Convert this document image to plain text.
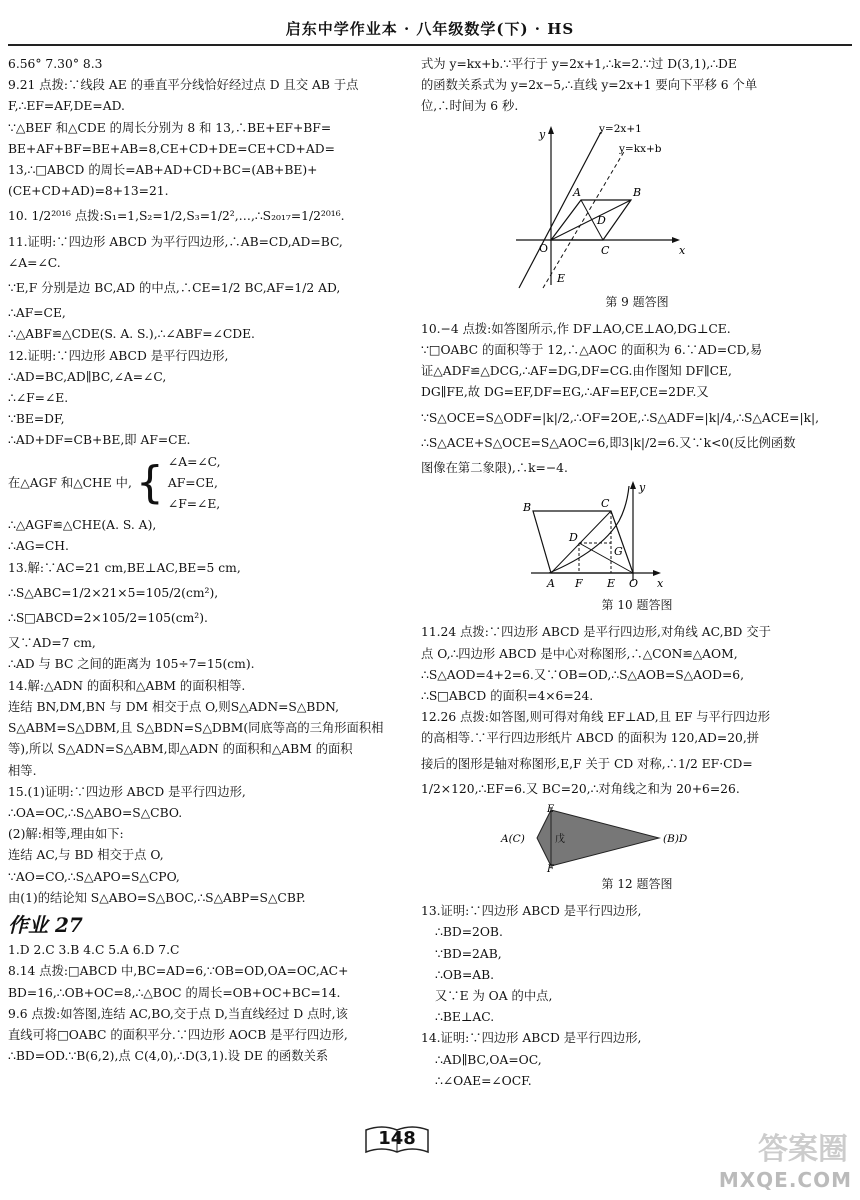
启东中学作业本 · 八年级数学(下) · HS

6.56° 7.30° 8.3

9.21 点拨:∵线段 AE 的垂直平分线恰好经过点 D 且交 AB 于点

F,∴EF=AF,DE=AD.

∵△BEF 和△CDE 的周长分别为 8 和 13,∴BE+EF+BF=

BE+AF+BF=BE+AB=8,CE+CD+DE=CE+CD+AD=

13,∴□ABCD 的周长=AB+AD+CD+BC=(AB+BE)+

(CE+CD+AD)=8+13=21.

10. 1/2²⁰¹⁶ 点拨:S₁=1,S₂=1/2,S₃=1/2²,…,∴S₂₀₁₇=1/2²⁰¹⁶.

11.证明:∵四边形 ABCD 为平行四边形,∴AB=CD,AD=BC,

∠A=∠C.

∵E,F 分别是边 BC,AD 的中点,∴CE=1/2 BC,AF=1/2 AD,

∴AF=CE,

∴△ABF≌△CDE(S. A. S.),∴∠ABF=∠CDE.

12.证明:∵四边形 ABCD 是平行四边形,

∴AD=BC,AD∥BC,∠A=∠C,

∴∠F=∠E.

∵BE=DF,

∴AD+DF=CB+BE,即 AF=CE.

在△AGF 和△CHE 中, { ∠A=∠C,

AF=CE,

∠F=∠E,

∴△AGF≌△CHE(A. S. A),

∴AG=CH.

13.解:∵AC=21 cm,BE⊥AC,BE=5 cm,

∴S△ABC=1/2×21×5=105/2(cm²),

∴S□ABCD=2×105/2=105(cm²).

又∵AD=7 cm,

∴AD 与 BC 之间的距离为 105÷7=15(cm).

14.解:△ADN 的面积和△ABM 的面积相等.

连结 BN,DM,BN 与 DM 相交于点 O,则S△ADN=S△BDN,

S△ABM=S△DBM,且 S△BDN=S△DBM(同底等高的三角形面积相

等),所以 S△ADN=S△ABM,即△ADN 的面积和△ABM 的面积

相等.

15.(1)证明:∵四边形 ABCD 是平行四边形,

∴OA=OC,∴S△ABO=S△CBO.

(2)解:相等,理由如下:

连结 AC,与 BD 相交于点 O,

∵AO=CO,∴S△APO=S△CPO,

由(1)的结论知 S△ABO=S△BOC,∴S△ABP=S△CBP.

作业 27

1.D 2.C 3.B 4.C 5.A 6.D 7.C

8.14 点拨:□ABCD 中,BC=AD=6,∵OB=OD,OA=OC,AC+

BD=16,∴OB+OC=8,∴△BOC 的周长=OB+OC+BC=14.

9.6 点拨:如答图,连结 AC,BO,交于点 D,当直线经过 D 点时,该

直线可将□OABC 的面积平分.∵四边形 AOCB 是平行四边形,

∴BD=OD.∵B(6,2),点 C(4,0),∴D(3,1).设 DE 的函数关系

式为 y=kx+b.∵平行于 y=2x+1,∴k=2.∵过 D(3,1),∴DE

的函数关系式为 y=2x−5,∴直线 y=2x+1 要向下平移 6 个单

位,∴时间为 6 秒.

y
x
O
A	B
C
D
E
y=2x+1
y=kx+b

第 9 题答图

10.−4 点拨:如答图所示,作 DF⊥AO,CE⊥AO,DG⊥CE.

∵□OABC 的面积等于 12,∴△AOC 的面积为 6.∵AD=CD,易

证△ADF≌△DCG,∴AF=DG,DF=CG.由作图知 DF∥CE,

DG∥FE,故 DG=EF,DF=EG,∴AF=EF,CE=2DF.又

∵S△OCE=S△ODF=|k|/2,∴OF=2OE,∴S△ADF=|k|/4,∴S△ACE=|k|,

∴S△ACE+S△OCE=S△AOC=6,即3|k|/2=6.又∵k<0(反比例函数

图像在第二象限),∴k=−4.

y
x
O
A
B	C
D
E
F
G

第 10 题答图

11.24 点拨:∵四边形 ABCD 是平行四边形,对角线 AC,BD 交于

点 O,∴四边形 ABCD 是中心对称图形,∴△CON≌△AOM,

∴S△AOD=4+2=6.又∵OB=OD,∴S△AOB=S△AOD=6,

∴S□ABCD 的面积=4×6=24.

12.26 点拨:如答图,则可得对角线 EF⊥AD,且 EF 与平行四边形

的高相等.∵平行四边形纸片 ABCD 的面积为 120,AD=20,拼

接后的图形是轴对称图形,E,F 关于 CD 对称,∴1/2 EF·CD=

1/2×120,∴EF=6.又 BC=20,∴对角线之和为 20+6=26.

E
F
A(C)	(B)D
戊

第 12 题答图

13.证明:∵四边形 ABCD 是平行四边形,

∴BD=2OB.

∵BD=2AB,

∴OB=AB.

又∵E 为 OA 的中点,

∴BE⊥AC.

14.证明:∵四边形 ABCD 是平行四边形,

∴AD∥BC,OA=OC,

∴∠OAE=∠OCF.

148	答案圈
MXQE.COM
